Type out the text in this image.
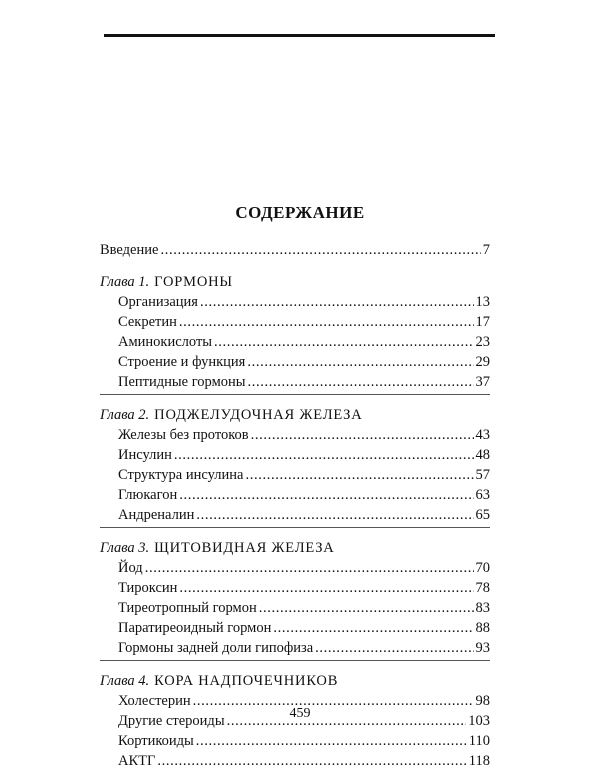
СОДЕРЖАНИЕ
Введение . . .	7
Глава 1. ГОРМОНЫ
Организация . . .	13
Секретин . . .	17
Аминокислоты . . .	23
Строение и функция . . .	29
Пептидные гормоны . . .	37
Глава 2. ПОДЖЕЛУДОЧНАЯ ЖЕЛЕЗА
Железы без протоков . . .	43
Инсулин . . .	48
Структура инсулина . . .	57
Глюкагон . . .	63
Андреналин . . .	65
Глава 3. ЩИТОВИДНАЯ ЖЕЛЕЗА
Йод . . .	70
Тироксин . . .	78
Тиреотропный гормон . . .	83
Паратиреоидный гормон . . .	88
Гормоны задней доли гипофиза . . .	93
Глава 4. КОРА НАДПОЧЕЧНИКОВ
Холестерин . . .	98
Другие стероиды . . .	103
Кортикоиды . . .	110
АКТГ . . .	118
459
